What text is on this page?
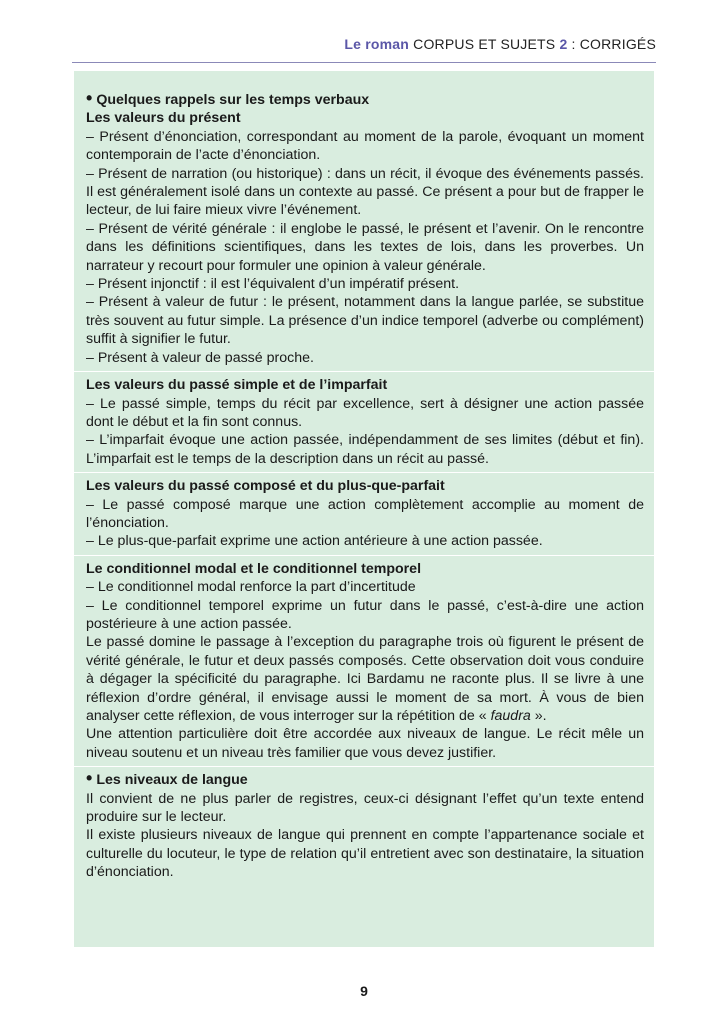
Le roman CORPUS ET SUJETS 2 : CORRIGÉS

• Quelques rappels sur les temps verbaux

Les valeurs du présent

– Présent d’énonciation, correspondant au moment de la parole, évoquant un moment contemporain de l’acte d’énonciation.

– Présent de narration (ou historique) : dans un récit, il évoque des événements passés. Il est généralement isolé dans un contexte au passé. Ce présent a pour but de frapper le lecteur, de lui faire mieux vivre l’événement.

– Présent de vérité générale : il englobe le passé, le présent et l’avenir. On le rencontre dans les définitions scientifiques, dans les textes de lois, dans les proverbes. Un narrateur y recourt pour formuler une opinion à valeur générale.

– Présent injonctif : il est l’équivalent d’un impératif présent.

– Présent à valeur de futur : le présent, notamment dans la langue parlée, se substitue très souvent au futur simple. La présence d’un indice temporel (adverbe ou complément) suffit à signifier le futur.

– Présent à valeur de passé proche.

Les valeurs du passé simple et de l’imparfait

– Le passé simple, temps du récit par excellence, sert à désigner une action passée dont le début et la fin sont connus.

– L’imparfait évoque une action passée, indépendamment de ses limites (début et fin). L’imparfait est le temps de la description dans un récit au passé.

Les valeurs du passé composé et du plus-que-parfait

– Le passé composé marque une action complètement accomplie au moment de l’énonciation.

– Le plus-que-parfait exprime une action antérieure à une action passée.

Le conditionnel modal et le conditionnel temporel

– Le conditionnel modal renforce la part d’incertitude

– Le conditionnel temporel exprime un futur dans le passé, c’est-à-dire une action postérieure à une action passée.

Le passé domine le passage à l’exception du paragraphe trois où figurent le présent de vérité générale, le futur et deux passés composés. Cette observation doit vous conduire à dégager la spécificité du paragraphe. Ici Bardamu ne raconte plus. Il se livre à une réflexion d’ordre général, il envisage aussi le moment de sa mort. À vous de bien analyser cette réflexion, de vous interroger sur la répétition de « faudra ».

Une attention particulière doit être accordée aux niveaux de langue. Le récit mêle un niveau soutenu et un niveau très familier que vous devez justifier.

• Les niveaux de langue

Il convient de ne plus parler de registres, ceux-ci désignant l’effet qu’un texte entend produire sur le lecteur.

Il existe plusieurs niveaux de langue qui prennent en compte l’appartenance sociale et culturelle du locuteur, le type de relation qu’il entretient avec son destinataire, la situation d’énonciation.

9
